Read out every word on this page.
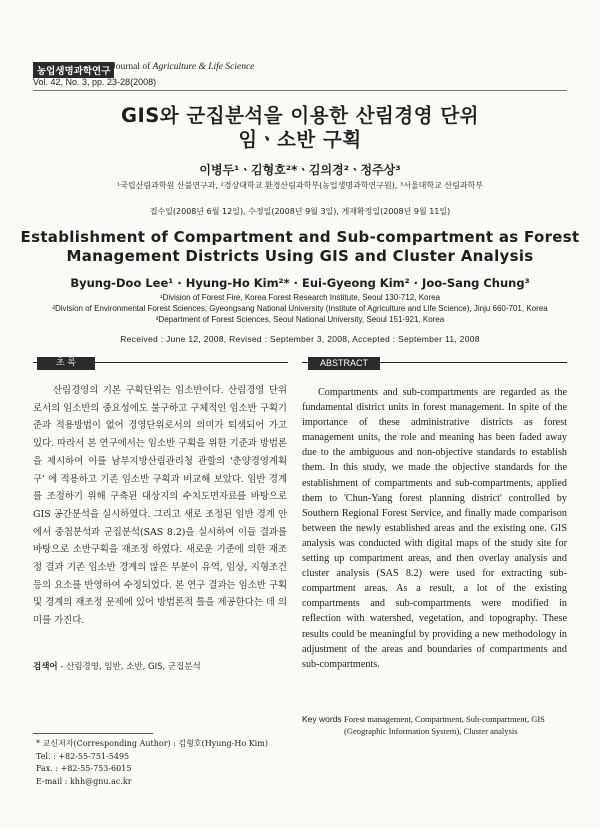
농업생명과학연구 Journal of Agriculture & Life Science
Vol. 42, No. 3, pp. 23-28(2008)
GIS와 군집분석을 이용한 산림경영 단위
임ㆍ소반 구획
이병두¹ㆍ김형호²*ㆍ김의경²ㆍ정주상³
¹국립산림과학원 산불연구과, ²경상대학교 환경산림과학부(농업생명과학연구원), ³서울대학교 산림과학부
접수일(2008년 6월 12일), 수정일(2008년 9월 3일), 게재확정일(2008년 9월 11일)
Establishment of Compartment and Sub-compartment as Forest
Management Districts Using GIS and Cluster Analysis
Byung-Doo Lee¹ · Hyung-Ho Kim²* · Eui-Gyeong Kim² · Joo-Sang Chung³
¹Division of Forest Fire, Korea Forest Research Institute, Seoul 130-712, Korea
²Division of Environmental Forest Sciences, Gyeongsang National University (Institute of Agriculture and Life Science), Jinju 660-701, Korea
³Department of Forest Sciences, Seoul National University, Seoul 151-921, Korea
Received : June 12, 2008, Revised : September 3, 2008, Accepted : September 11, 2008
초 록	ABSTRACT

산림경영의 기본 구획단위는 임소반이다. 산림경영 단위로서의 임소반의 중요성에도 불구하고 구체적인 임소반 구획기준과 적용방법이 없어 경영단위로서의 의미가 퇴색되어 가고 있다. 따라서 본 연구에서는 임소반 구획을 위한 기준과 방법론을 제시하여 이를 남부지방산림관리청 관할의 '춘양경영계획구' 에 적용하고 기존 임소반 구획과 비교해 보았다. 임반 경계를 조정하기 위해 구축된 대상지의 수치도면자료를 바탕으로 GIS 공간분석을 실시하였다. 그리고 새로 조정된 임반 경계 안에서 중첩분석과 군집분석(SAS 8.2)을 실시하여 이들 결과를 바탕으로 소반구획을 재조정 하였다. 새로운 기준에 의한 재조정 결과 기존 임소반 경계의 많은 부분이 유역, 임상, 지형조건 등의 요소를 반영하여 수정되었다. 본 연구 결과는 임소반 구획 및 경계의 재조정 문제에 있어 방법론적 틀을 제공한다는 데 의미를 가진다.

검색어 - 산림경영, 임반, 소반, GIS, 군집분석

Compartments and sub-compartments are regarded as the fundamental district units in forest management. In spite of the importance of these administrative districts as forest management units, the role and meaning has been faded away due to the ambiguous and non-objective standards to establish them. In this study, we made the objective standards for the establishment of compartments and sub-compartments, applied them to 'Chun-Yang forest planning district' controlled by Southern Regional Forest Service, and finally made comparison between the newly established areas and the existing one. GIS analysis was conducted with digital maps of the study site for setting up compartment areas, and then overlay analysis and cluster analysis (SAS 8.2) were used for extracting sub-compartment areas. As a result, a lot of the existing compartments and sub-compartments were modified in reflection with watershed, vegetation, and topography. These results could be meaningful by providing a new methodology in adjustment of the areas and boundaries of compartments and sub-compartments.

Key words :
Forest management, Compartment, Sub-compartment, GIS (Geographic Information System), Cluster analysis
* 교신저자(Corresponding Author) : 김형호(Hyung-Ho Kim)
Tel. : +82-55-751-5495
Fax. : +82-55-753-6015
E-mail : khh@gnu.ac.kr
